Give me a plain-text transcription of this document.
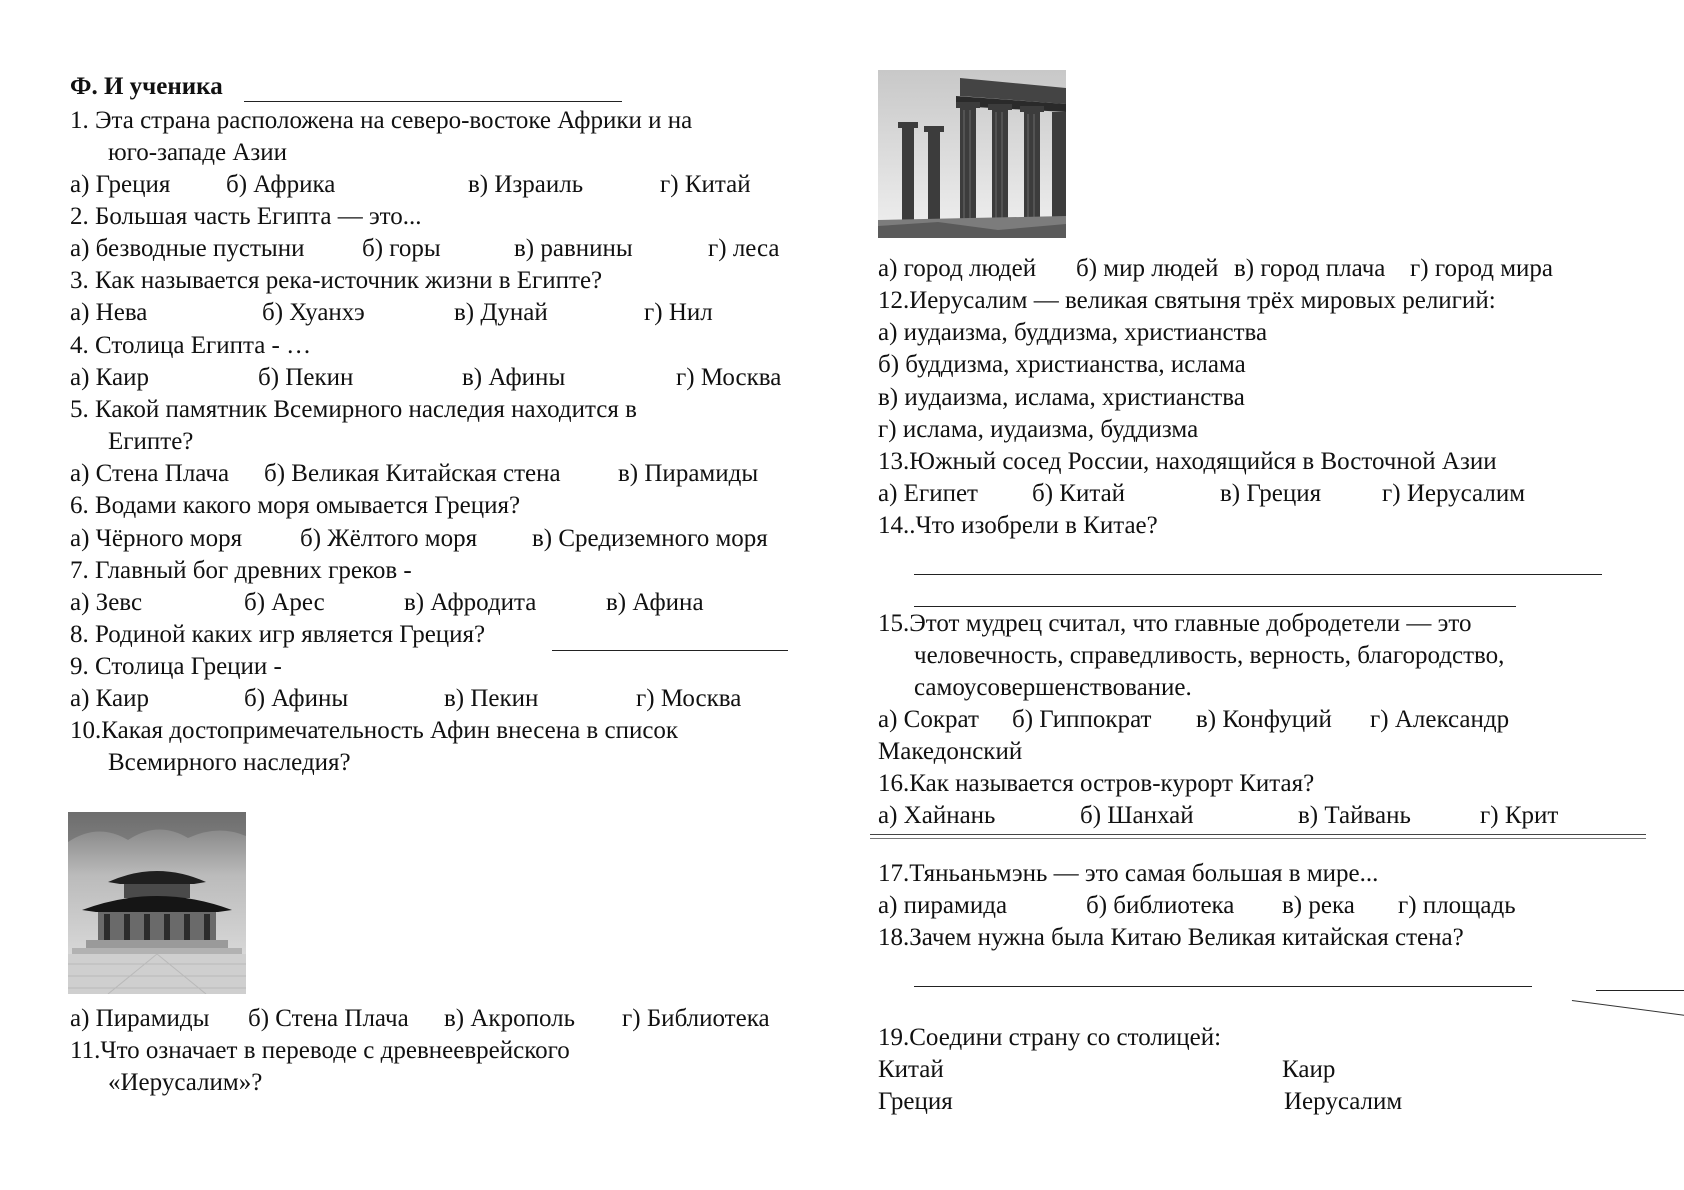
Ф. И ученика
1. Эта страна расположена на северо-востоке Африки и на
юго-западе Азии
а) Греция б) Африка	в) Израиль	г) Китай
2. Большая часть Египта — это...
а) безводные пустыни б) горы	в) равнины	г) леса
3. Как называется река-источник жизни в Египте?
а) Нева	б) Хуанхэ	в) Дунай	г) Нил
4. Столица Египта - …
а) Каир	б) Пекин	в) Афины	г) Москва
5. Какой памятник Всемирного наследия находится в
Египте?
а) Стена Плача б) Великая Китайская стена в) Пирамиды
6. Водами какого моря омывается Греция?
а) Чёрного моря б) Жёлтого моря в) Средиземного моря
7. Главный бог древних греков -
а) Зевс	б) Арес	в) Афродита	в) Афина
8. Родиной каких игр является Греция?
9. Столица Греции -
а) Каир	б) Афины	в) Пекин	г) Москва
10.Какая достопримечательность Афин внесена в список
Всемирного наследия?
а) Пирамиды б) Стена Плача в) Акрополь г) Библиотека
11.Что означает в переводе с древнееврейского
«Иерусалим»?
а) город людей б) мир людей в) город плача г) город мира
12.Иерусалим — великая святыня трёх мировых религий:
а) иудаизма, буддизма, христианства
б) буддизма, христианства, ислама
в) иудаизма, ислама, христианства
г) ислама, иудаизма, буддизма
13.Южный сосед России, находящийся в Восточной Азии
а) Египет б) Китай	в) Греция г) Иерусалим
14..Что изобрели в Китае?
15.Этот мудрец считал, что главные добродетели — это
человечность, справедливость, верность, благородство,
самоусовершенствование.
а) Сократ б) Гиппократ в) Конфуций г) Александр
Македонский
16.Как называется остров-курорт Китая?
а) Хайнань	б) Шанхай	в) Тайвань	г) Крит
17.Тяньаньмэнь — это самая большая в мире...
а) пирамида	б) библиотека в) река г) площадь
18.Зачем нужна была Китаю Великая китайская стена?
19.Соедини страну со столицей:
Китай	Каир
Греция	Иерусалим
